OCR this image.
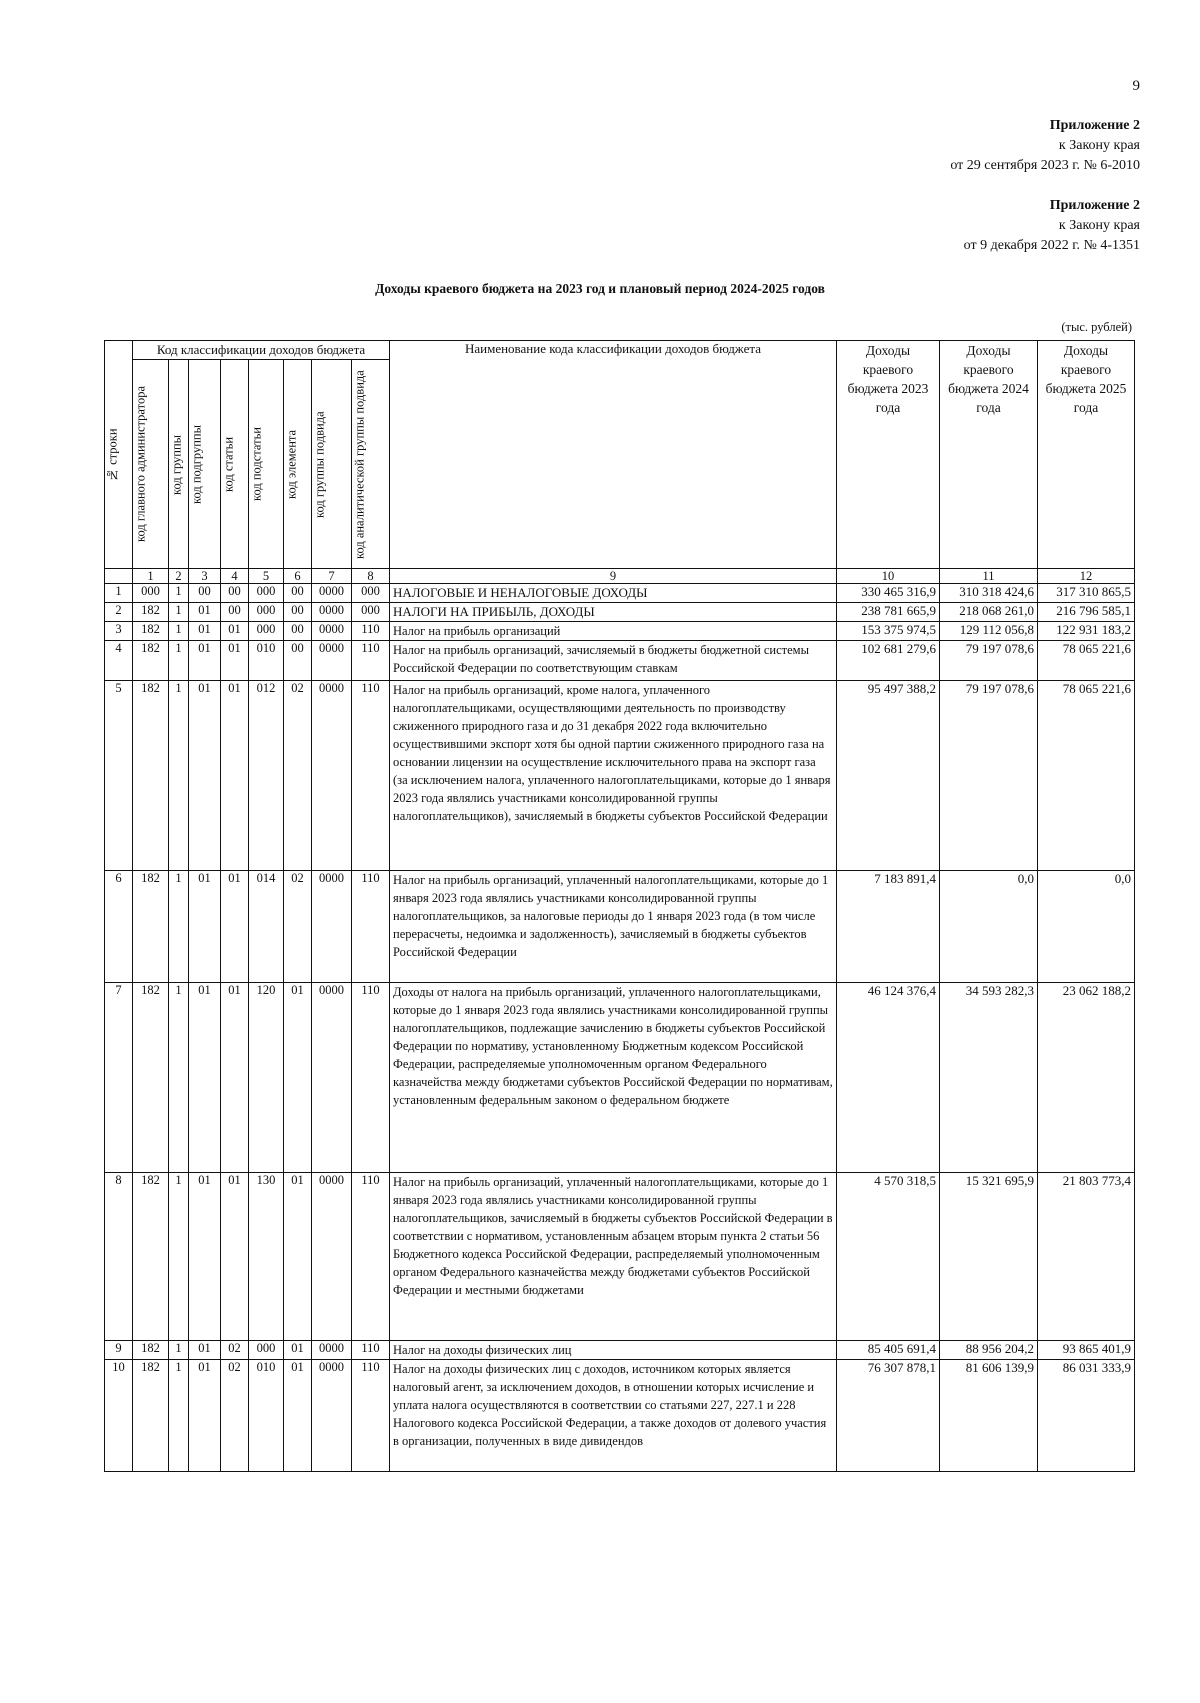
9
Приложение 2
к Закону края
от 29 сентября 2023 г. № 6-2010
Приложение 2
к Закону края
от 9 декабря 2022 г. № 4-1351
Доходы краевого бюджета на 2023 год и плановый период 2024-2025 годов
(тыс. рублей)
№ строки	Код классификации доходов бюджета								Наименование кода классификации доходов бюджета	Доходы краевого бюджета 2023 года	Доходы краевого бюджета 2024 года	Доходы краевого бюджета 2025 года
	код главного администратора	код группы	код подгруппы	код статьи	код подстатьи	код элемента	код группы подвида	код аналитической группы подвида				
	1	2	3	4	5	6	7	8	9	10	11	12
1	000	1	00	00	000	00	0000	000	НАЛОГОВЫЕ И НЕНАЛОГОВЫЕ ДОХОДЫ	330 465 316,9	310 318 424,6	317 310 865,5
2	182	1	01	00	000	00	0000	000	НАЛОГИ НА ПРИБЫЛЬ, ДОХОДЫ	238 781 665,9	218 068 261,0	216 796 585,1
3	182	1	01	01	000	00	0000	110	Налог на прибыль организаций	153 375 974,5	129 112 056,8	122 931 183,2
4	182	1	01	01	010	00	0000	110	Налог на прибыль организаций, зачисляемый в бюджеты бюджетной системы Российской Федерации по соответствующим ставкам	102 681 279,6	79 197 078,6	78 065 221,6
5	182	1	01	01	012	02	0000	110	Налог на прибыль организаций, кроме налога, уплаченного налогоплательщиками, осуществляющими деятельность по производству сжиженного природного газа и до 31 декабря 2022 года включительно осуществившими экспорт хотя бы одной партии сжиженного природного газа на основании лицензии на осуществление исключительного права на экспорт газа (за исключением налога, уплаченного налогоплательщиками, которые до 1 января 2023 года являлись участниками консолидированной группы налогоплательщиков), зачисляемый в бюджеты субъектов Российской Федерации	95 497 388,2	79 197 078,6	78 065 221,6
6	182	1	01	01	014	02	0000	110	Налог на прибыль организаций, уплаченный налогоплательщиками, которые до 1 января 2023 года являлись участниками консолидированной группы налогоплательщиков, за налоговые периоды до 1 января 2023 года (в том числе перерасчеты, недоимка и задолженность), зачисляемый в бюджеты субъектов Российской Федерации	7 183 891,4	0,0	0,0
7	182	1	01	01	120	01	0000	110	Доходы от налога на прибыль организаций, уплаченного налогоплательщиками, которые до 1 января 2023 года являлись участниками консолидированной группы налогоплательщиков, подлежащие зачислению в бюджеты субъектов Российской Федерации по нормативу, установленному Бюджетным кодексом Российской Федерации, распределяемые уполномоченным органом Федерального казначейства между бюджетами субъектов Российской Федерации по нормативам, установленным федеральным законом о федеральном бюджете	46 124 376,4	34 593 282,3	23 062 188,2
8	182	1	01	01	130	01	0000	110	Налог на прибыль организаций, уплаченный налогоплательщиками, которые до 1 января 2023 года являлись участниками консолидированной группы налогоплательщиков, зачисляемый в бюджеты субъектов Российской Федерации в соответствии с нормативом, установленным абзацем вторым пункта 2 статьи 56 Бюджетного кодекса Российской Федерации, распределяемый уполномоченным органом Федерального казначейства между бюджетами субъектов Российской Федерации и местными бюджетами	4 570 318,5	15 321 695,9	21 803 773,4
9	182	1	01	02	000	01	0000	110	Налог на доходы физических лиц	85 405 691,4	88 956 204,2	93 865 401,9
10	182	1	01	02	010	01	0000	110	Налог на доходы физических лиц с доходов, источником которых является налоговый агент, за исключением доходов, в отношении которых исчисление и уплата налога осуществляются в соответствии со статьями 227, 227.1 и 228 Налогового кодекса Российской Федерации, а также доходов от долевого участия в организации, полученных в виде дивидендов	76 307 878,1	81 606 139,9	86 031 333,9
